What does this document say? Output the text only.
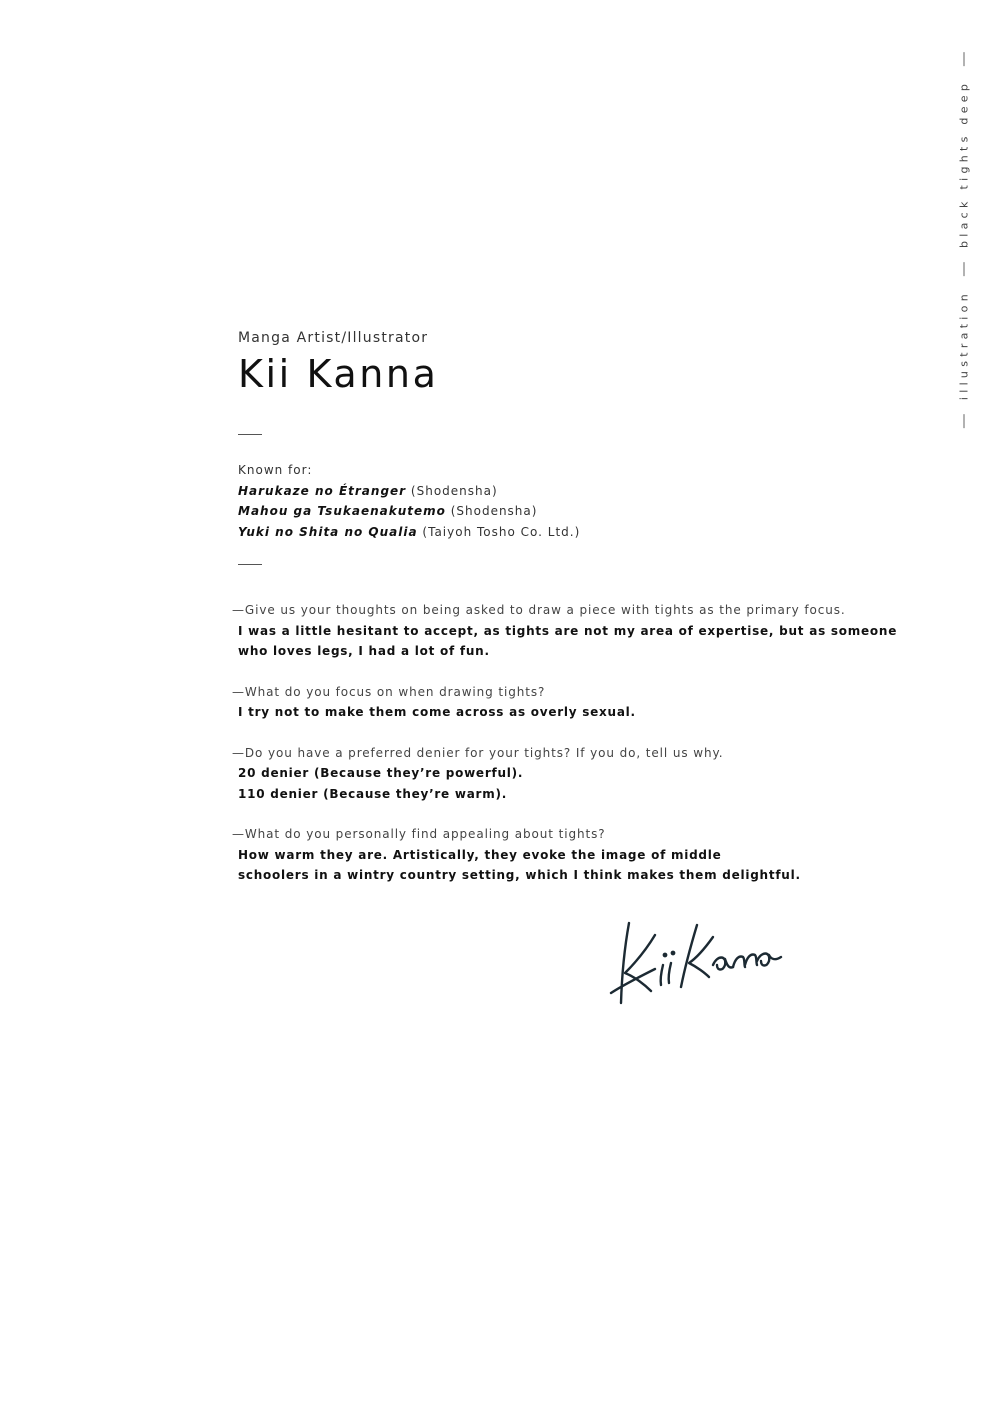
illustration
black tights deep
Manga Artist/Illustrator
Kii Kanna
Known for:
Harukaze no Étranger (Shodensha)
Mahou ga Tsukaenakutemo (Shodensha)
Yuki no Shita no Qualia (Taiyoh Tosho Co. Ltd.)
—Give us your thoughts on being asked to draw a piece with tights as the primary focus.
I was a little hesitant to accept, as tights are not my area of expertise, but as someone
who loves legs, I had a lot of fun.
—What do you focus on when drawing tights?
I try not to make them come across as overly sexual.
—Do you have a preferred denier for your tights? If you do, tell us why.
20 denier (Because they’re powerful).
110 denier (Because they’re warm).
—What do you personally find appealing about tights?
How warm they are. Artistically, they evoke the image of middle
schoolers in a wintry country setting, which I think makes them delightful.
